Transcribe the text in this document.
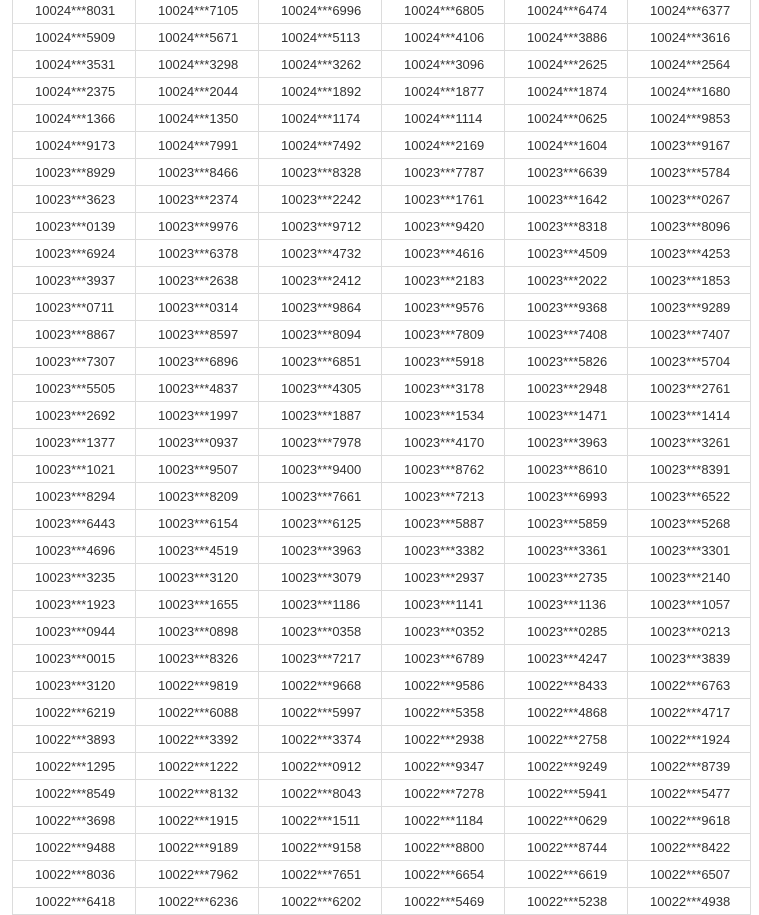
10024***8031	10024***7105	10024***6996	10024***6805	10024***6474	10024***6377
10024***5909	10024***5671	10024***5113	10024***4106	10024***3886	10024***3616
10024***3531	10024***3298	10024***3262	10024***3096	10024***2625	10024***2564
10024***2375	10024***2044	10024***1892	10024***1877	10024***1874	10024***1680
10024***1366	10024***1350	10024***1174	10024***1114	10024***0625	10024***9853
10024***9173	10024***7991	10024***7492	10024***2169	10024***1604	10023***9167
10023***8929	10023***8466	10023***8328	10023***7787	10023***6639	10023***5784
10023***3623	10023***2374	10023***2242	10023***1761	10023***1642	10023***0267
10023***0139	10023***9976	10023***9712	10023***9420	10023***8318	10023***8096
10023***6924	10023***6378	10023***4732	10023***4616	10023***4509	10023***4253
10023***3937	10023***2638	10023***2412	10023***2183	10023***2022	10023***1853
10023***0711	10023***0314	10023***9864	10023***9576	10023***9368	10023***9289
10023***8867	10023***8597	10023***8094	10023***7809	10023***7408	10023***7407
10023***7307	10023***6896	10023***6851	10023***5918	10023***5826	10023***5704
10023***5505	10023***4837	10023***4305	10023***3178	10023***2948	10023***2761
10023***2692	10023***1997	10023***1887	10023***1534	10023***1471	10023***1414
10023***1377	10023***0937	10023***7978	10023***4170	10023***3963	10023***3261
10023***1021	10023***9507	10023***9400	10023***8762	10023***8610	10023***8391
10023***8294	10023***8209	10023***7661	10023***7213	10023***6993	10023***6522
10023***6443	10023***6154	10023***6125	10023***5887	10023***5859	10023***5268
10023***4696	10023***4519	10023***3963	10023***3382	10023***3361	10023***3301
10023***3235	10023***3120	10023***3079	10023***2937	10023***2735	10023***2140
10023***1923	10023***1655	10023***1186	10023***1141	10023***1136	10023***1057
10023***0944	10023***0898	10023***0358	10023***0352	10023***0285	10023***0213
10023***0015	10023***8326	10023***7217	10023***6789	10023***4247	10023***3839
10023***3120	10022***9819	10022***9668	10022***9586	10022***8433	10022***6763
10022***6219	10022***6088	10022***5997	10022***5358	10022***4868	10022***4717
10022***3893	10022***3392	10022***3374	10022***2938	10022***2758	10022***1924
10022***1295	10022***1222	10022***0912	10022***9347	10022***9249	10022***8739
10022***8549	10022***8132	10022***8043	10022***7278	10022***5941	10022***5477
10022***3698	10022***1915	10022***1511	10022***1184	10022***0629	10022***9618
10022***9488	10022***9189	10022***9158	10022***8800	10022***8744	10022***8422
10022***8036	10022***7962	10022***7651	10022***6654	10022***6619	10022***6507
10022***6418	10022***6236	10022***6202	10022***5469	10022***5238	10022***4938
